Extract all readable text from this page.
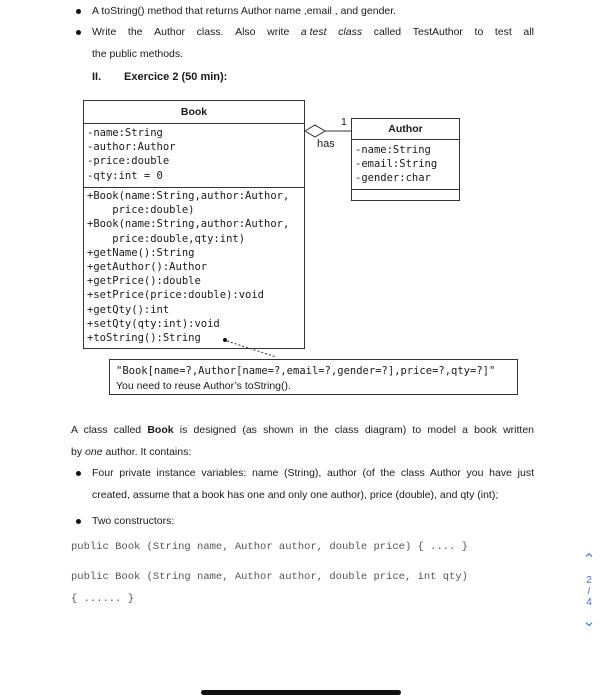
A toString() method that returns Author name ,email , and gender.
Write the Author class. Also write a test class called TestAuthor to test all
the public methods.
II. Exercice 2 (50 min):
Book
-name:String
-author:Author
-price:double
-qty:int = 0
+Book(name:String,author:Author,
price:double)
+Book(name:String,author:Author,
price:double,qty:int)
+getName():String
+getAuthor():Author
+getPrice():double
+setPrice(price:double):void
+getQty():int
+setQty(qty:int):void
+toString():String
Author
-name:String
-email:String
-gender:char
1
has
"Book[name=?,Author[name=?,email=?,gender=?],price=?,qty=?]"
You need to reuse Author’s toString().
A class called Book is designed (as shown in the class diagram) to model a book written
by one author. It contains:
Four private instance variables: name (String), author (of the class Author you have just
created, assume that a book has one and only one author), price (double), and qty (int);
Two constructors:
public Book (String name, Author author, double price) { .... }
public Book (String name, Author author, double price, int qty)
{ ...... }
‹
2
/
4
›
